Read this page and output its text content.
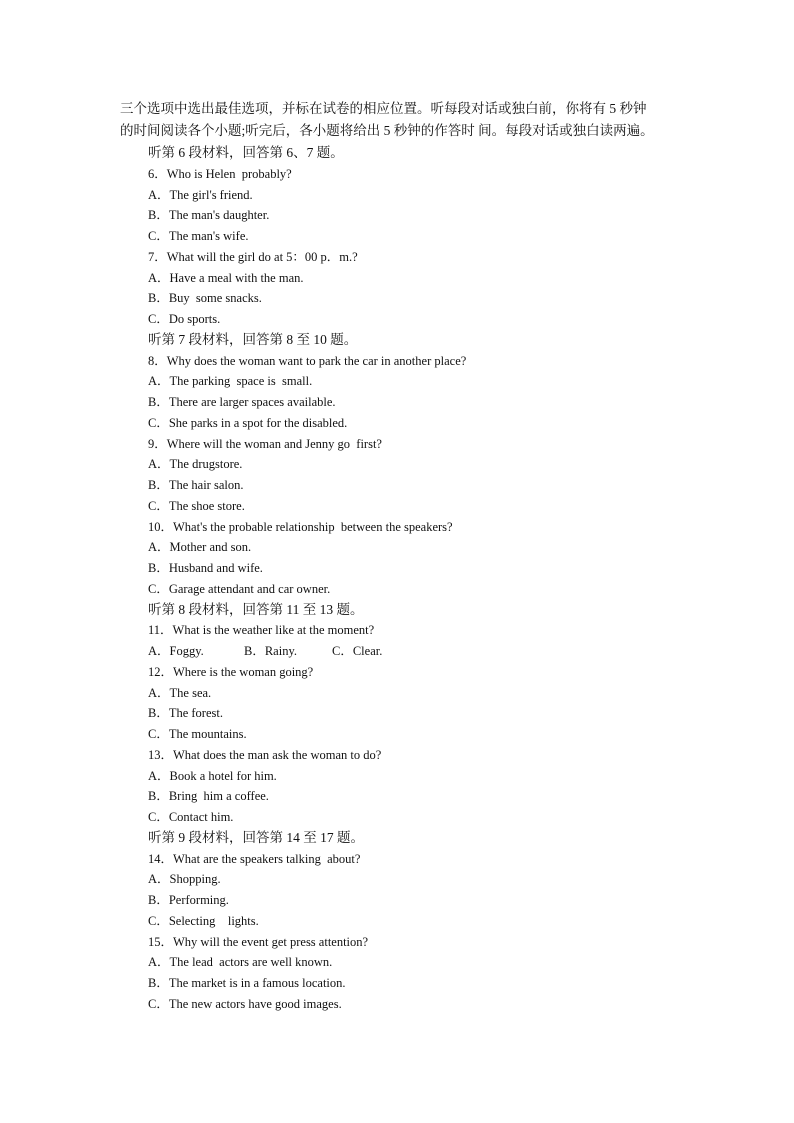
三个选项中选出最佳选项，并标在试卷的相应位置。听每段对话或独白前，你将有 5 秒钟
的时间阅读各个小题;听完后，各小题将给出 5 秒钟的作答时 间。每段对话或独白读两遍。
听第 6 段材料，回答第 6、7 题。
6．Who is Helen  probably?
A．The girl's friend.
B．The man's daughter.
C．The man's wife.
7．What will the girl do at 5：00 p．m.?
A．Have a meal with the man.
B．Buy  some snacks.
C．Do sports.
听第 7 段材料，回答第 8 至 10 题。
8．Why does the woman want to park the car in another place?
A．The parking  space is  small.
B．There are larger spaces available.
C．She parks in a spot for the disabled.
9．Where will the woman and Jenny go  first?
A．The drugstore.
B．The hair salon.
C．The shoe store.
10．What's the probable relationship  between the speakers?
A．Mother and son.
B．Husband and wife.
C．Garage attendant and car owner.
听第 8 段材料，回答第 11 至 13 题。
11．What is the weather like at the moment?
A．Foggy.	B．Rainy.	C．Clear.
12．Where is the woman going?
A．The sea.
B．The forest.
C．The mountains.
13．What does the man ask the woman to do?
A．Book a hotel for him.
B．Bring  him a coffee.
C．Contact him.
听第 9 段材料，回答第 14 至 17 题。
14．What are the speakers talking  about?
A．Shopping.
B．Performing.
C．Selecting    lights.
15．Why will the event get press attention?
A．The lead  actors are well known.
B．The market is in a famous location.
C．The new actors have good images.
